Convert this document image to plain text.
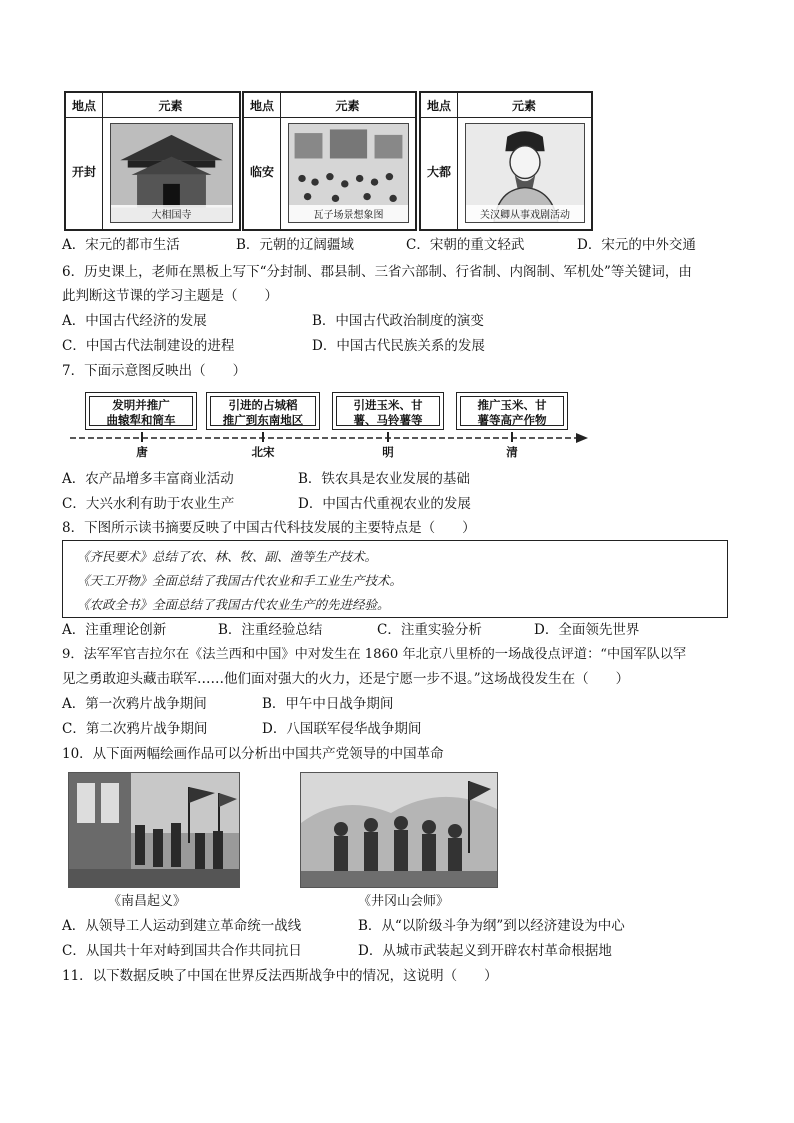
地点	元素
开封
大相国寺
地点	元素
临安
瓦子场景想象图
地点	元素
大都
关汉卿从事戏剧活动
A．宋元的都市生活	B．元朝的辽阔疆域	C．宋朝的重文轻武	D．宋元的中外交通
6．历史课上，老师在黑板上写下“分封制、郡县制、三省六部制、行省制、内阁制、军机处”等关键词，由
此判断这节课的学习主题是（　　）
A．中国古代经济的发展	B．中国古代政治制度的演变
C．中国古代法制建设的进程	D．中国古代民族关系的发展
7．下面示意图反映出（　　）
发明并推广
曲辕犁和筒车
引进的占城稻
推广到东南地区
引进玉米、甘
薯、马铃薯等
推广玉米、甘
薯等高产作物
唐	北宋	明	清
A．农产品增多丰富商业活动	B．铁农具是农业发展的基础
C．大兴水利有助于农业生产	D．中国古代重视农业的发展
8．下图所示读书摘要反映了中国古代科技发展的主要特点是（　　）
《齐民要术》总结了农、林、牧、副、渔等生产技术。
《天工开物》全面总结了我国古代农业和手工业生产技术。
《农政全书》全面总结了我国古代农业生产的先进经验。
A．注重理论创新	B．注重经验总结	C．注重实验分析	D．全面领先世界
9．法军军官吉拉尔在《法兰西和中国》中对发生在 1860 年北京八里桥的一场战役点评道：“中国军队以罕
见之勇敢迎头藏击联军……他们面对强大的火力，还是宁愿一步不退。”这场战役发生在（　　）
A．第一次鸦片战争期间	B．甲午中日战争期间
C．第二次鸦片战争期间	D．八国联军侵华战争期间
10．从下面两幅绘画作品可以分析出中国共产党领导的中国革命
《南昌起义》	《井冈山会师》
A．从领导工人运动到建立革命统一战线	B．从“以阶级斗争为纲”到以经济建设为中心
C．从国共十年对峙到国共合作共同抗日	D．从城市武装起义到开辟农村革命根据地
11．以下数据反映了中国在世界反法西斯战争中的情况，这说明（　　）
